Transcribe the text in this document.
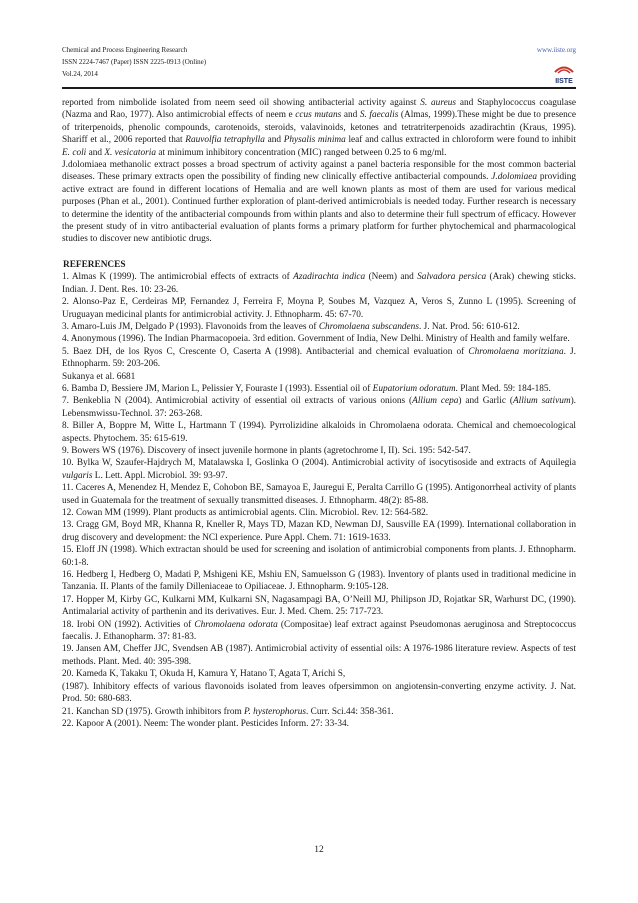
Chemical and Process Engineering Research	www.iiste.org
ISSN 2224-7467 (Paper) ISSN 2225-0913 (Online)
Vol.24, 2014
IISTE

reported from nimbolide isolated from neem seed oil showing antibacterial activity against S. aureus and Staphylococcus coagulase (Nazma and Rao, 1977). Also antimicrobial effects of neem e ccus mutans and S. faecalis (Almas, 1999).These might be due to presence of triterpenoids, phenolic compounds, carotenoids, steroids, valavinoids, ketones and tetratriterpenoids azadirachtin (Kraus, 1995). Shariff et al., 2006 reported that Rauvolfia tetraphylla and Physalis minima leaf and callus extracted in chloroform were found to inhibit E. coli and X. vesicatoria at minimum inhibitory concentration (MIC) ranged between 0.25 to 6 mg/ml.

J.dolomiaea methanolic extract posses a broad spectrum of activity against a panel bacteria responsible for the most common bacterial diseases. These primary extracts open the possibility of finding new clinically effective antibacterial compounds. J.dolomiaea providing active extract are found in different locations of Hemalia and are well known plants as most of them are used for various medical purposes (Phan et al., 2001). Continued further exploration of plant-derived antimicrobials is needed today. Further research is necessary to determine the identity of the antibacterial compounds from within plants and also to determine their full spectrum of efficacy. However the present study of in vitro antibacterial evaluation of plants forms a primary platform for further phytochemical and pharmacological studies to discover new antibiotic drugs.

REFERENCES

1. Almas K (1999). The antimicrobial effects of extracts of Azadirachta indica (Neem) and Salvadora persica (Arak) chewing sticks. Indian. J. Dent. Res. 10: 23-26.

2. Alonso-Paz E, Cerdeiras MP, Fernandez J, Ferreira F, Moyna P, Soubes M, Vazquez A, Veros S, Zunno L (1995). Screening of Uruguayan medicinal plants for antimicrobial activity. J. Ethnopharm. 45: 67-70.

3. Amaro-Luis JM, Delgado P (1993). Flavonoids from the leaves of Chromolaena subscandens. J. Nat. Prod. 56: 610-612.

4. Anonymous (1996). The Indian Pharmacopoeia. 3rd edition. Government of India, New Delhi. Ministry of Health and family welfare.

5. Baez DH, de los Ryos C, Crescente O, Caserta A (1998). Antibacterial and chemical evaluation of Chromolaena moritziana. J. Ethnopharm. 59: 203-206.

Sukanya et al. 6681

6. Bamba D, Bessiere JM, Marion L, Pelissier Y, Fouraste I (1993). Essential oil of Eupatorium odoratum. Plant Med. 59: 184-185.

7. Benkeblia N (2004). Antimicrobial activity of essential oil extracts of various onions (Allium cepa) and Garlic (Allium sativum). Lebensmwissu-Technol. 37: 263-268.

8. Biller A, Boppre M, Witte L, Hartmann T (1994). Pyrrolizidine alkaloids in Chromolaena odorata. Chemical and chemoecological aspects. Phytochem. 35: 615-619.

9. Bowers WS (1976). Discovery of insect juvenile hormone in plants (agretochrome I, II). Sci. 195: 542-547.

10. Bylka W, Szaufer-Hajdrych M, Matalawska I, Goslinka O (2004). Antimicrobial activity of isocytisoside and extracts of Aquilegia vulgaris L. Lett. Appl. Microbiol. 39: 93-97.

11. Caceres A, Menendez H, Mendez E, Cohobon BE, Samayoa E, Jauregui E, Peralta Carrillo G (1995). Antigonorrheal activity of plants used in Guatemala for the treatment of sexually transmitted diseases. J. Ethnopharm. 48(2): 85-88.

12. Cowan MM (1999). Plant products as antimicrobial agents. Clin. Microbiol. Rev. 12: 564-582.

13. Cragg GM, Boyd MR, Khanna R, Kneller R, Mays TD, Mazan KD, Newman DJ, Sausville EA (1999). International collaboration in drug discovery and development: the NCl experience. Pure Appl. Chem. 71: 1619-1633.

15. Eloff JN (1998). Which extractan should be used for screening and isolation of antimicrobial components from plants. J. Ethnopharm. 60:1-8.

16. Hedberg I, Hedberg O, Madati P, Mshigeni KE, Mshiu EN, Samuelsson G (1983). Inventory of plants used in traditional medicine in Tanzania. II. Plants of the family Dilleniaceae to Opiliaceae. J. Ethnopharm. 9:105-128.

17. Hopper M, Kirby GC, Kulkarni MM, Kulkarni SN, Nagasampagi BA, O’Neill MJ, Philipson JD, Rojatkar SR, Warhurst DC, (1990). Antimalarial activity of parthenin and its derivatives. Eur. J. Med. Chem. 25: 717-723.

18. Irobi ON (1992). Activities of Chromolaena odorata (Compositae) leaf extract against Pseudomonas aeruginosa and Streptococcus faecalis. J. Ethanopharm. 37: 81-83.

19. Jansen AM, Cheffer JJC, Svendsen AB (1987). Antimicrobial activity of essential oils: A 1976-1986 literature review. Aspects of test methods. Plant. Med. 40: 395-398.

20. Kameda K, Takaku T, Okuda H, Kamura Y, Hatano T, Agata T, Arichi S,

(1987). Inhibitory effects of various flavonoids isolated from leaves ofpersimmon on angiotensin-converting enzyme activity. J. Nat. Prod. 50: 680-683.

21. Kanchan SD (1975). Growth inhibitors from P. hysterophorus. Curr. Sci.44: 358-361.

22. Kapoor A (2001). Neem: The wonder plant. Pesticides Inform. 27: 33-34.

12
